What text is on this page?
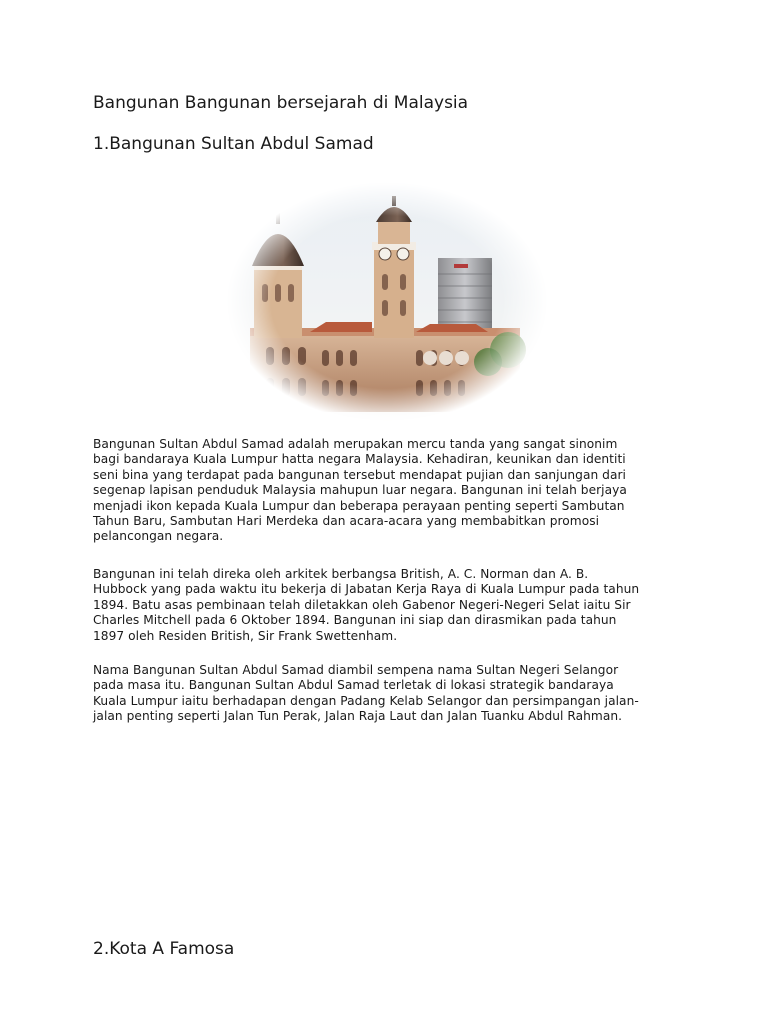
Bangunan Bangunan bersejarah di Malaysia
1.Bangunan Sultan Abdul Samad

Bangunan Sultan Abdul Samad adalah merupakan mercu tanda yang sangat sinonim
bagi bandaraya Kuala Lumpur hatta negara Malaysia. Kehadiran, keunikan dan identiti
seni bina yang terdapat pada bangunan tersebut mendapat pujian dan sanjungan dari
segenap lapisan penduduk Malaysia mahupun luar negara. Bangunan ini telah berjaya
menjadi ikon kepada Kuala Lumpur dan beberapa perayaan penting seperti Sambutan
Tahun Baru, Sambutan Hari Merdeka dan acara-acara yang membabitkan promosi
pelancongan negara.

Bangunan ini telah direka oleh arkitek berbangsa British, A. C. Norman dan A. B.
Hubbock yang pada waktu itu bekerja di Jabatan Kerja Raya di Kuala Lumpur pada tahun
1894. Batu asas pembinaan telah diletakkan oleh Gabenor Negeri-Negeri Selat iaitu Sir
Charles Mitchell pada 6 Oktober 1894. Bangunan ini siap dan dirasmikan pada tahun
1897 oleh Residen British, Sir Frank Swettenham.

Nama Bangunan Sultan Abdul Samad diambil sempena nama Sultan Negeri Selangor
pada masa itu. Bangunan Sultan Abdul Samad terletak di lokasi strategik bandaraya
Kuala Lumpur iaitu berhadapan dengan Padang Kelab Selangor dan persimpangan jalan-
jalan penting seperti Jalan Tun Perak, Jalan Raja Laut dan Jalan Tuanku Abdul Rahman.

2.Kota A Famosa
